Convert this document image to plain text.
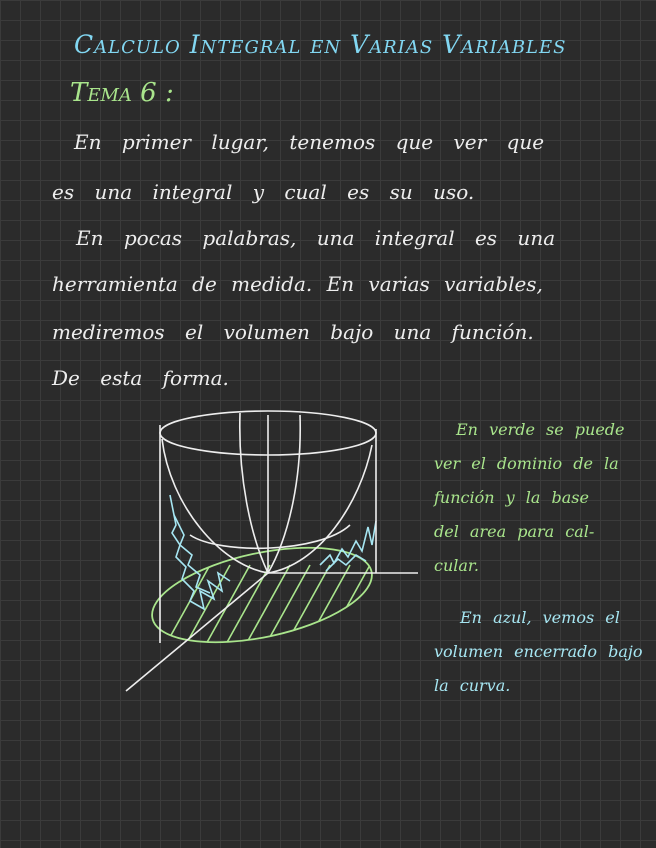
Calculo Integral en Varias Variables
Tema 6 :
En primer lugar, tenemos que ver que
es una integral y cual es su uso.
En pocas palabras, una integral es una
herramienta de medida. En varias variables,
mediremos el volumen bajo una función.
De esta forma.
En verde se puede
ver el dominio de la
función y la base
del area para cal-
cular.
En azul, vemos el
volumen encerrado bajo
la curva.
